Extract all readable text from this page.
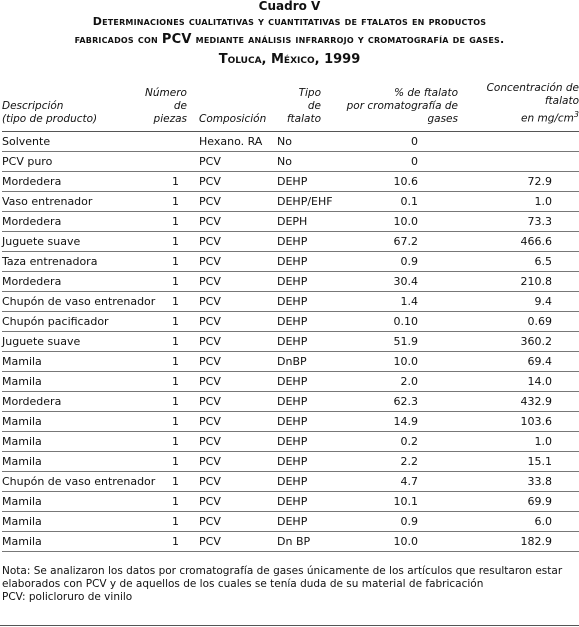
Cuadro V
Determinaciones cualitativas y cuantitativas de ftalatos en productos
fabricados con PCV mediante análisis infrarrojo y cromatografía de gases.
Toluca, México, 1999
Descripción
(tipo de producto)	Número
de piezas	Composición	Tipo
de ftalato	% de ftalato
por cromatografía de gases	Concentración de ftalato
en $mg/cm^3$
Solvente		Hexano. RA	No	0	
PCV puro		PCV	No	0	
Mordedera	1	PCV	DEHP	10.6	72.9
Vaso entrenador	1	PCV	DEHP/EHF	0.1	1.0
Mordedera	1	PCV	DEPH	10.0	73.3
Juguete suave	1	PCV	DEHP	67.2	466.6
Taza entrenadora	1	PCV	DEHP	0.9	6.5
Mordedera	1	PCV	DEHP	30.4	210.8
Chupón de vaso entrenador	1	PCV	DEHP	1.4	9.4
Chupón pacificador	1	PCV	DEHP	0.10	0.69
Juguete suave	1	PCV	DEHP	51.9	360.2
Mamila	1	PCV	DnBP	10.0	69.4
Mamila	1	PCV	DEHP	2.0	14.0
Mordedera	1	PCV	DEHP	62.3	432.9
Mamila	1	PCV	DEHP	14.9	103.6
Mamila	1	PCV	DEHP	0.2	1.0
Mamila	1	PCV	DEHP	2.2	15.1
Chupón de vaso entrenador	1	PCV	DEHP	4.7	33.8
Mamila	1	PCV	DEHP	10.1	69.9
Mamila	1	PCV	DEHP	0.9	6.0
Mamila	1	PCV	Dn BP	10.0	182.9
Nota: Se analizaron los datos por cromatografía de gases únicamente de los artículos que resultaron estar
elaborados con PCV y de aquellos de los cuales se tenía duda de su material de fabricación
PCV: policloruro de vinilo
